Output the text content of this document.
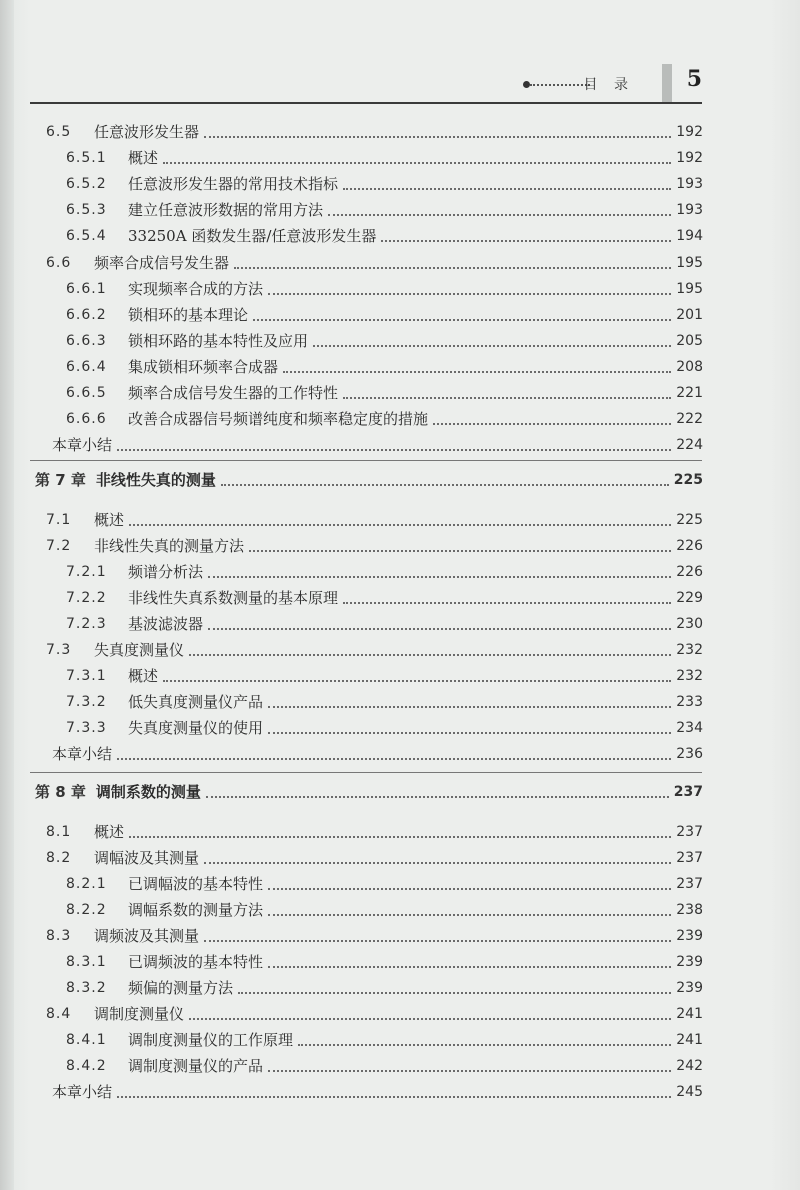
目 录 5
6.5	任意波形发生器	192
6.5.1	概述	192
6.5.2	任意波形发生器的常用技术指标	193
6.5.3	建立任意波形数据的常用方法	193
6.5.4	33250A 函数发生器/任意波形发生器	194
6.6	频率合成信号发生器	195
6.6.1	实现频率合成的方法	195
6.6.2	锁相环的基本理论	201
6.6.3	锁相环路的基本特性及应用	205
6.6.4	集成锁相环频率合成器	208
6.6.5	频率合成信号发生器的工作特性	221
6.6.6	改善合成器信号频谱纯度和频率稳定度的措施	222
本章小结	224
第 7 章 非线性失真的测量	225
7.1	概述	225
7.2	非线性失真的测量方法	226
7.2.1	频谱分析法	226
7.2.2	非线性失真系数测量的基本原理	229
7.2.3	基波滤波器	230
7.3	失真度测量仪	232
7.3.1	概述	232
7.3.2	低失真度测量仪产品	233
7.3.3	失真度测量仪的使用	234
本章小结	236
第 8 章 调制系数的测量	237
8.1	概述	237
8.2	调幅波及其测量	237
8.2.1	已调幅波的基本特性	237
8.2.2	调幅系数的测量方法	238
8.3	调频波及其测量	239
8.3.1	已调频波的基本特性	239
8.3.2	频偏的测量方法	239
8.4	调制度测量仪	241
8.4.1	调制度测量仪的工作原理	241
8.4.2	调制度测量仪的产品	242
本章小结	245
